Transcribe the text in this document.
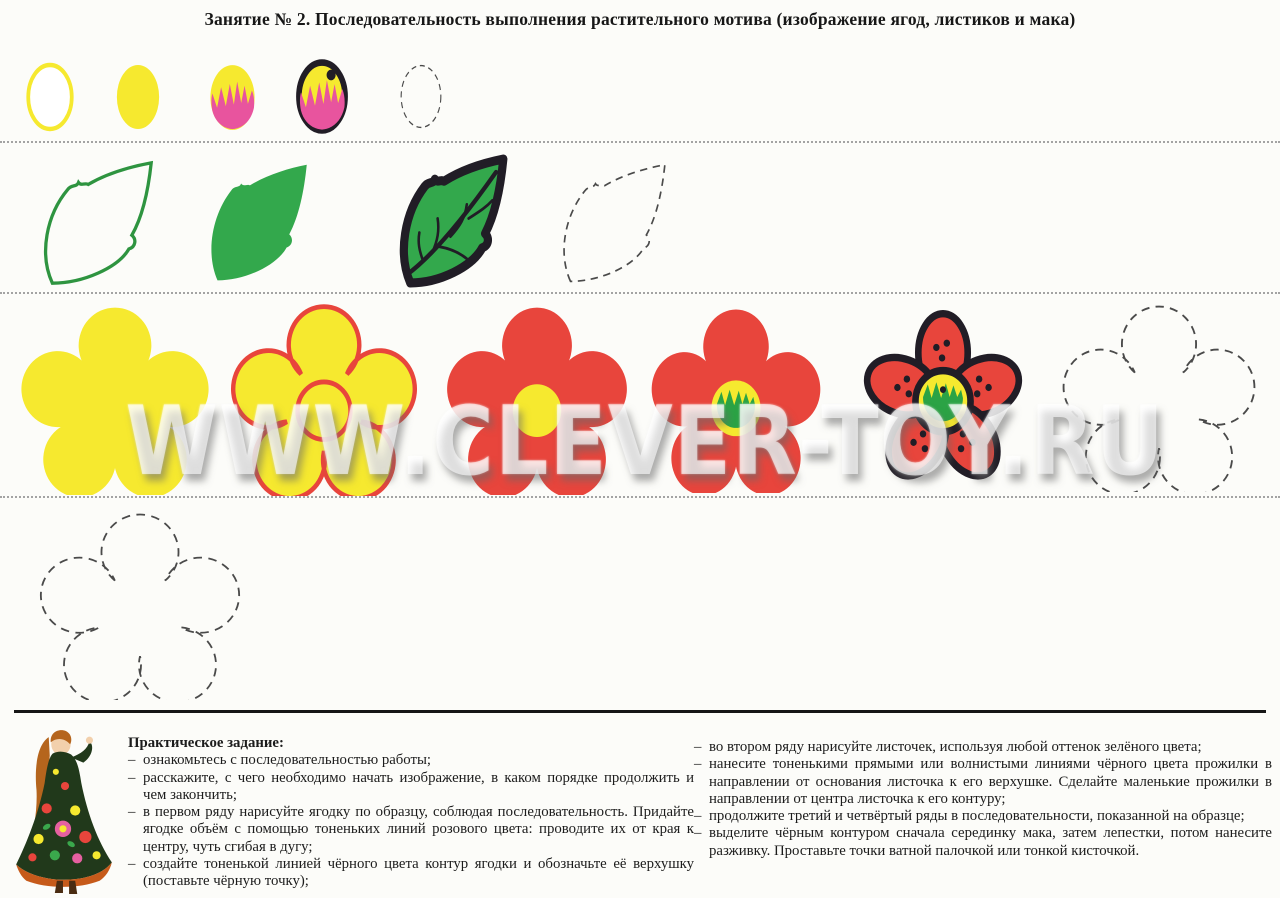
Занятие № 2. Последовательность выполнения растительного мотива (изображение ягод, листиков и мака)
WWW.CLEVER-TOY.RU
Практическое задание:
– ознакомьтесь с последовательностью работы;
– расскажите, с чего необходимо начать изображение, в каком порядке продолжить и чем закончить;
– в первом ряду нарисуйте ягодку по образцу, соблюдая последовательность. Придайте ягодке объём с помощью тоненьких линий розового цвета: проводите их от края к центру, чуть сгибая в дугу;
– создайте тоненькой линией чёрного цвета контур ягодки и обозначьте её верхушку (поставьте чёрную точку);
– во втором ряду нарисуйте листочек, используя любой оттенок зелёного цвета;
– нанесите тоненькими прямыми или волнистыми линиями чёрного цвета прожилки в направлении от основания листочка к его верхушке. Сделайте маленькие прожилки в направлении от центра листочка к его контуру;
– продолжите третий и четвёртый ряды в последовательности, показанной на образце;
– выделите чёрным контуром сначала серединку мака, затем лепестки, потом нанесите разживку. Проставьте точки ватной палочкой или тонкой кисточкой.
